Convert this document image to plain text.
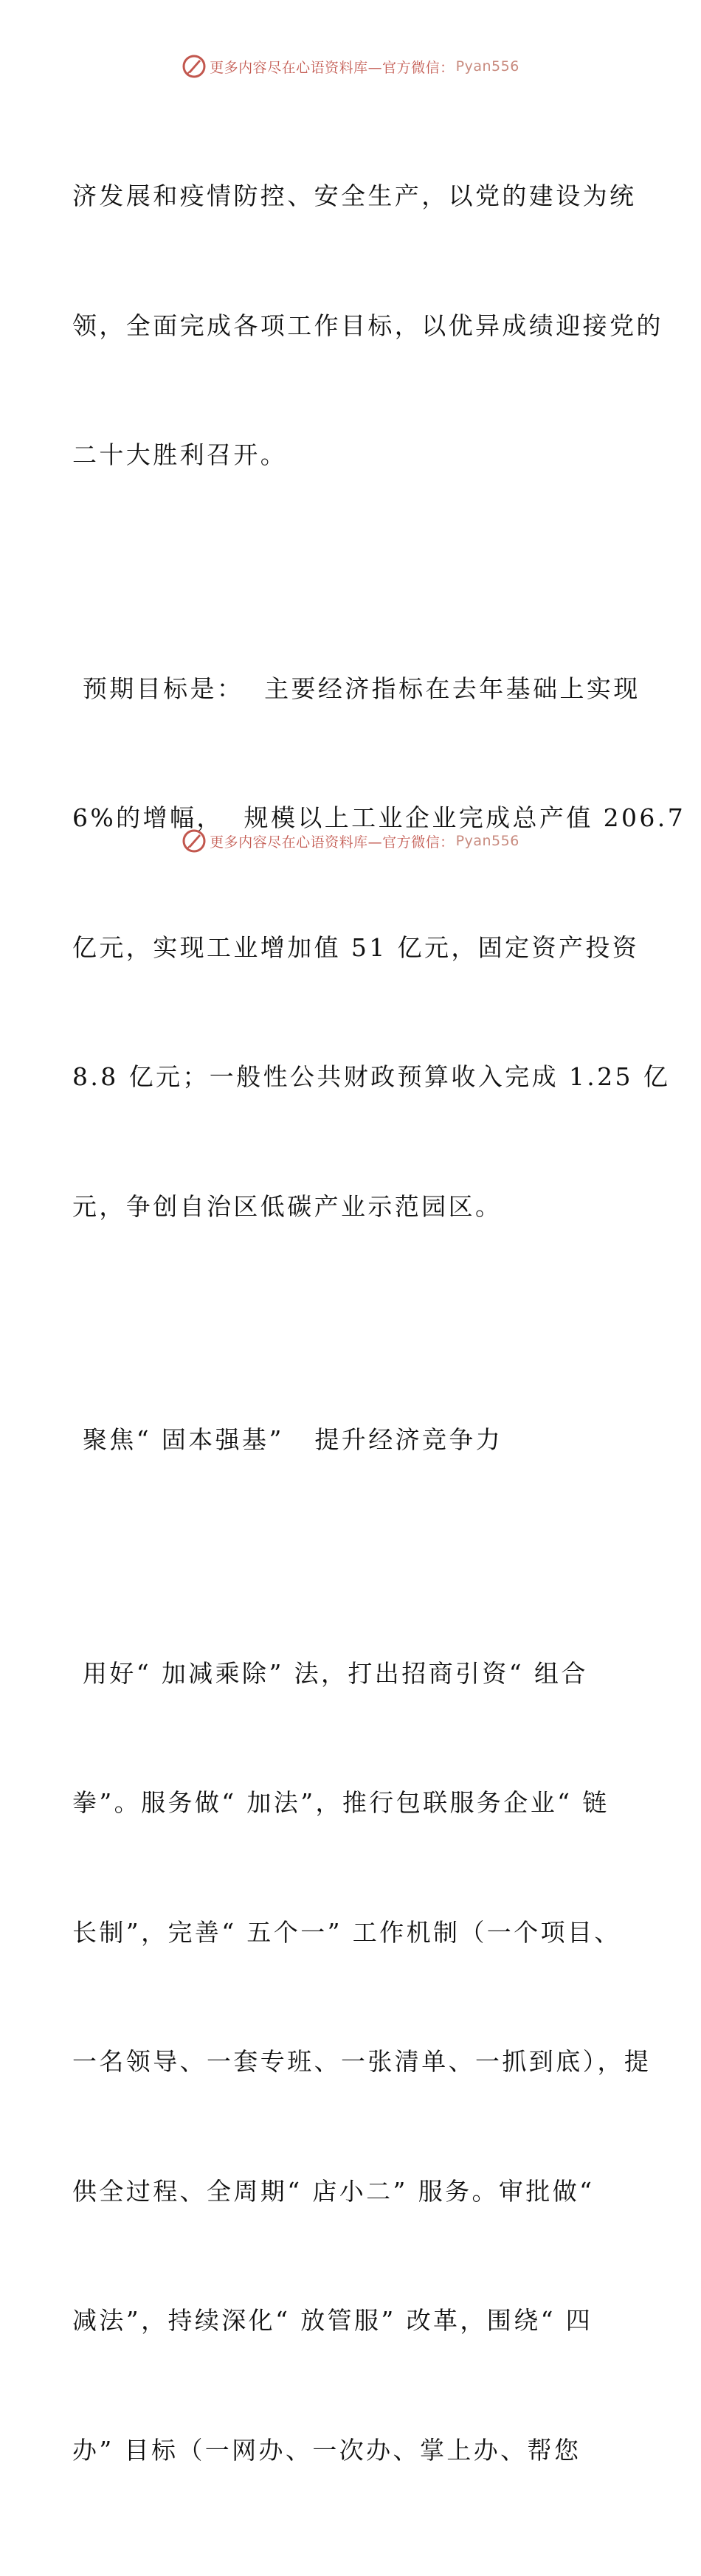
更多内容尽在心语资料库—官方微信： Pyan556

济发展和疫情防控、安全生产，以党的建设为统

领，全面完成各项工作目标，以优异成绩迎接党的

二十大胜利召开。

预期目标是：  主要经济指标在去年基础上实现

6%的增幅，  规模以上工业企业完成总产值 206.7

亿元，实现工业增加值 51 亿元，固定资产投资

8.8 亿元；一般性公共财政预算收入完成 1.25 亿

元，争创自治区低碳产业示范园区。

聚焦“ 固本强基”   提升经济竞争力

用好“ 加减乘除” 法，打出招商引资“ 组合

拳”。服务做“ 加法”，推行包联服务企业“ 链

长制”，完善“ 五个一” 工作机制（一个项目、

一名领导、一套专班、一张清单、一抓到底），提

供全过程、全周期“ 店小二” 服务。审批做“

减法”，持续深化“ 放管服” 改革，围绕“ 四

办” 目标（一网办、一次办、掌上办、帮您

更多内容尽在心语资料库—官方微信： Pyan556
